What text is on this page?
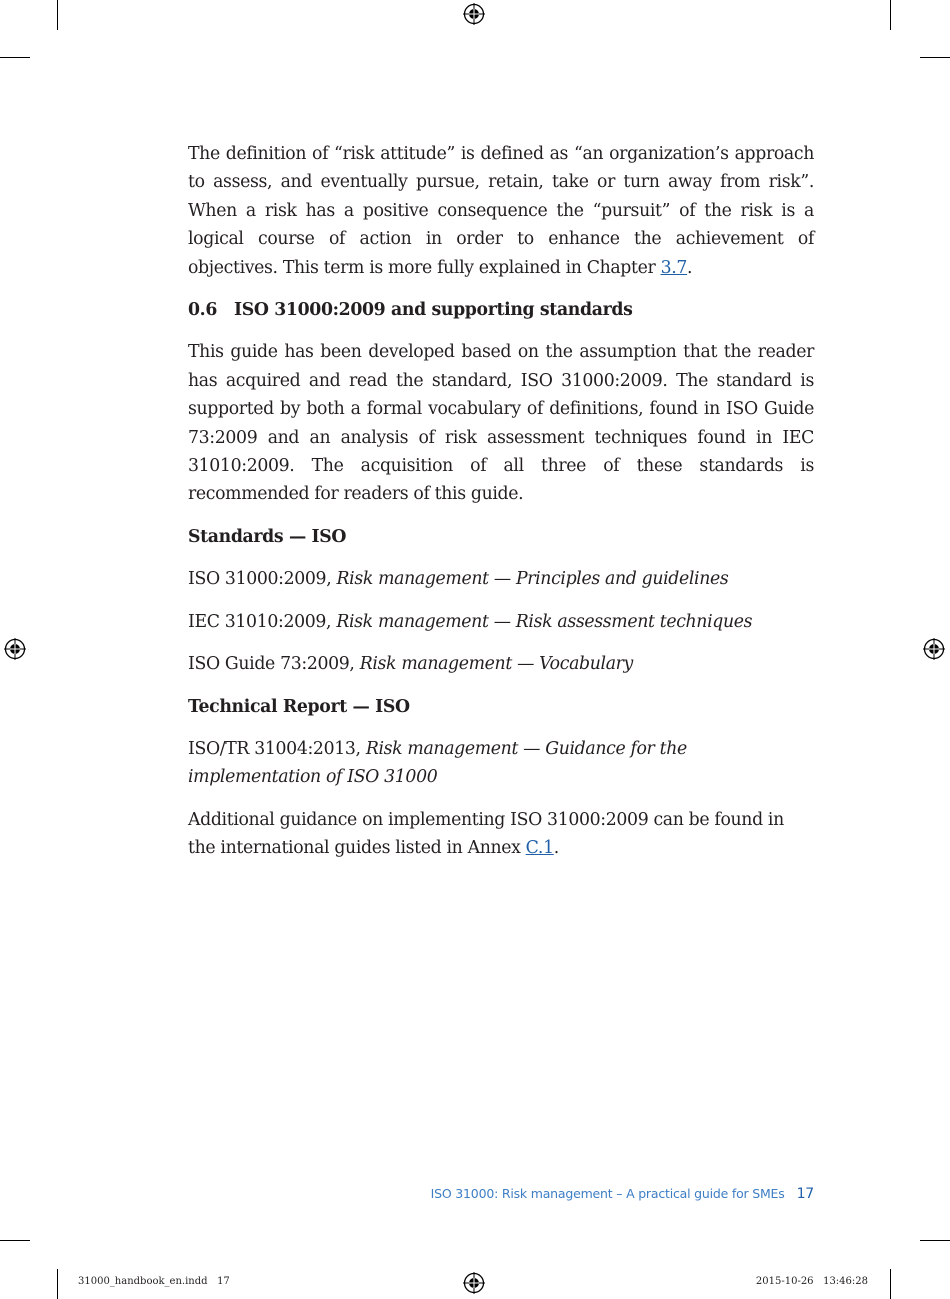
The definition of “risk attitude” is defined as “an organization’s approach to assess, and eventually pursue, retain, take or turn away from risk”. When a risk has a positive consequence the “pursuit” of the risk is a logical course of action in order to enhance the achievement of objectives. This term is more fully explained in Chapter 3.7.

0.6   ISO 31000:2009 and supporting standards

This guide has been developed based on the assumption that the reader has acquired and read the standard, ISO 31000:2009. The standard is supported by both a formal vocabulary of definitions, found in ISO Guide 73:2009 and an analysis of risk assessment techniques found in IEC 31010:2009. The acquisition of all three of these standards is recommended for readers of this guide.

Standards — ISO

ISO 31000:2009, Risk management — Principles and guidelines

IEC 31010:2009, Risk management — Risk assessment techniques

ISO Guide 73:2009, Risk management — Vocabulary

Technical Report — ISO

ISO/TR 31004:2013, Risk management — Guidance for the implementation of ISO 31000

Additional guidance on implementing ISO 31000:2009 can be found in the international guides listed in Annex C.1.

ISO 31000: Risk management – A practical guide for SMEs 17
31000_handbook_en.indd   17	2015-10-26   13:46:28
